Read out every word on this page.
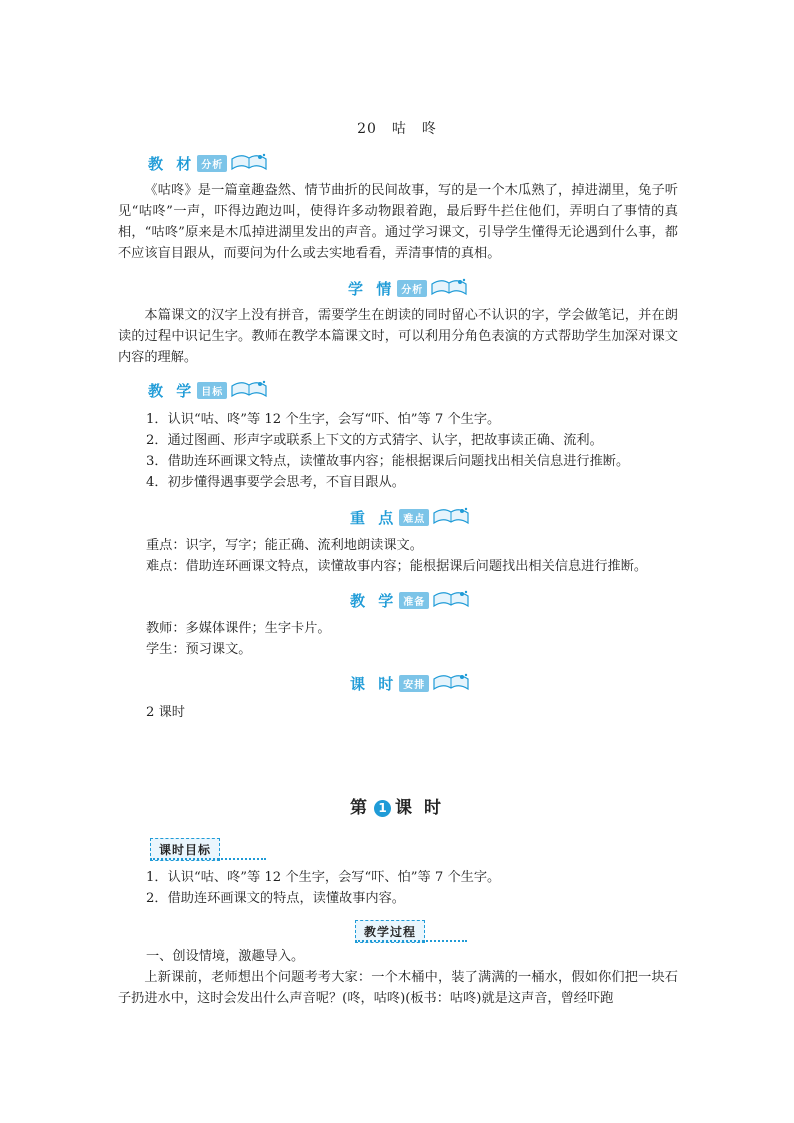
20　咕　咚
教 材 分析

《咕咚》是一篇童趣盎然、情节曲折的民间故事，写的是一个木瓜熟了，掉进湖里，兔子听见“咕咚”一声，吓得边跑边叫，使得许多动物跟着跑，最后野牛拦住他们，弄明白了事情的真相，“咕咚”原来是木瓜掉进湖里发出的声音。通过学习课文，引导学生懂得无论遇到什么事，都不应该盲目跟从，而要问为什么或去实地看看，弄清事情的真相。

学 情 分析

本篇课文的汉字上没有拼音，需要学生在朗读的同时留心不认识的字，学会做笔记，并在朗读的过程中识记生字。教师在教学本篇课文时，可以利用分角色表演的方式帮助学生加深对课文内容的理解。

教 学 目标

1．认识“咕、咚”等 12 个生字，会写“吓、怕”等 7 个生字。

2．通过图画、形声字或联系上下文的方式猜字、认字，把故事读正确、流利。

3．借助连环画课文特点，读懂故事内容；能根据课后问题找出相关信息进行推断。

4．初步懂得遇事要学会思考，不盲目跟从。

重 点 难点

重点：识字，写字；能正确、流利地朗读课文。

难点：借助连环画课文特点，读懂故事内容；能根据课后问题找出相关信息进行推断。

教 学 准备

教师：多媒体课件；生字卡片。

学生：预习课文。

课 时 安排

2 课时

第 1 课 时
课时目标

1．认识“咕、咚”等 12 个生字，会写“吓、怕”等 7 个生字。

2．借助连环画课文的特点，读懂故事内容。

教学过程

一、创设情境，激趣导入。

上新课前，老师想出个问题考考大家：一个木桶中，装了满满的一桶水，假如你们把一块石子扔进水中，这时会发出什么声音呢？(咚，咕咚)(板书：咕咚)就是这声音，曾经吓跑
